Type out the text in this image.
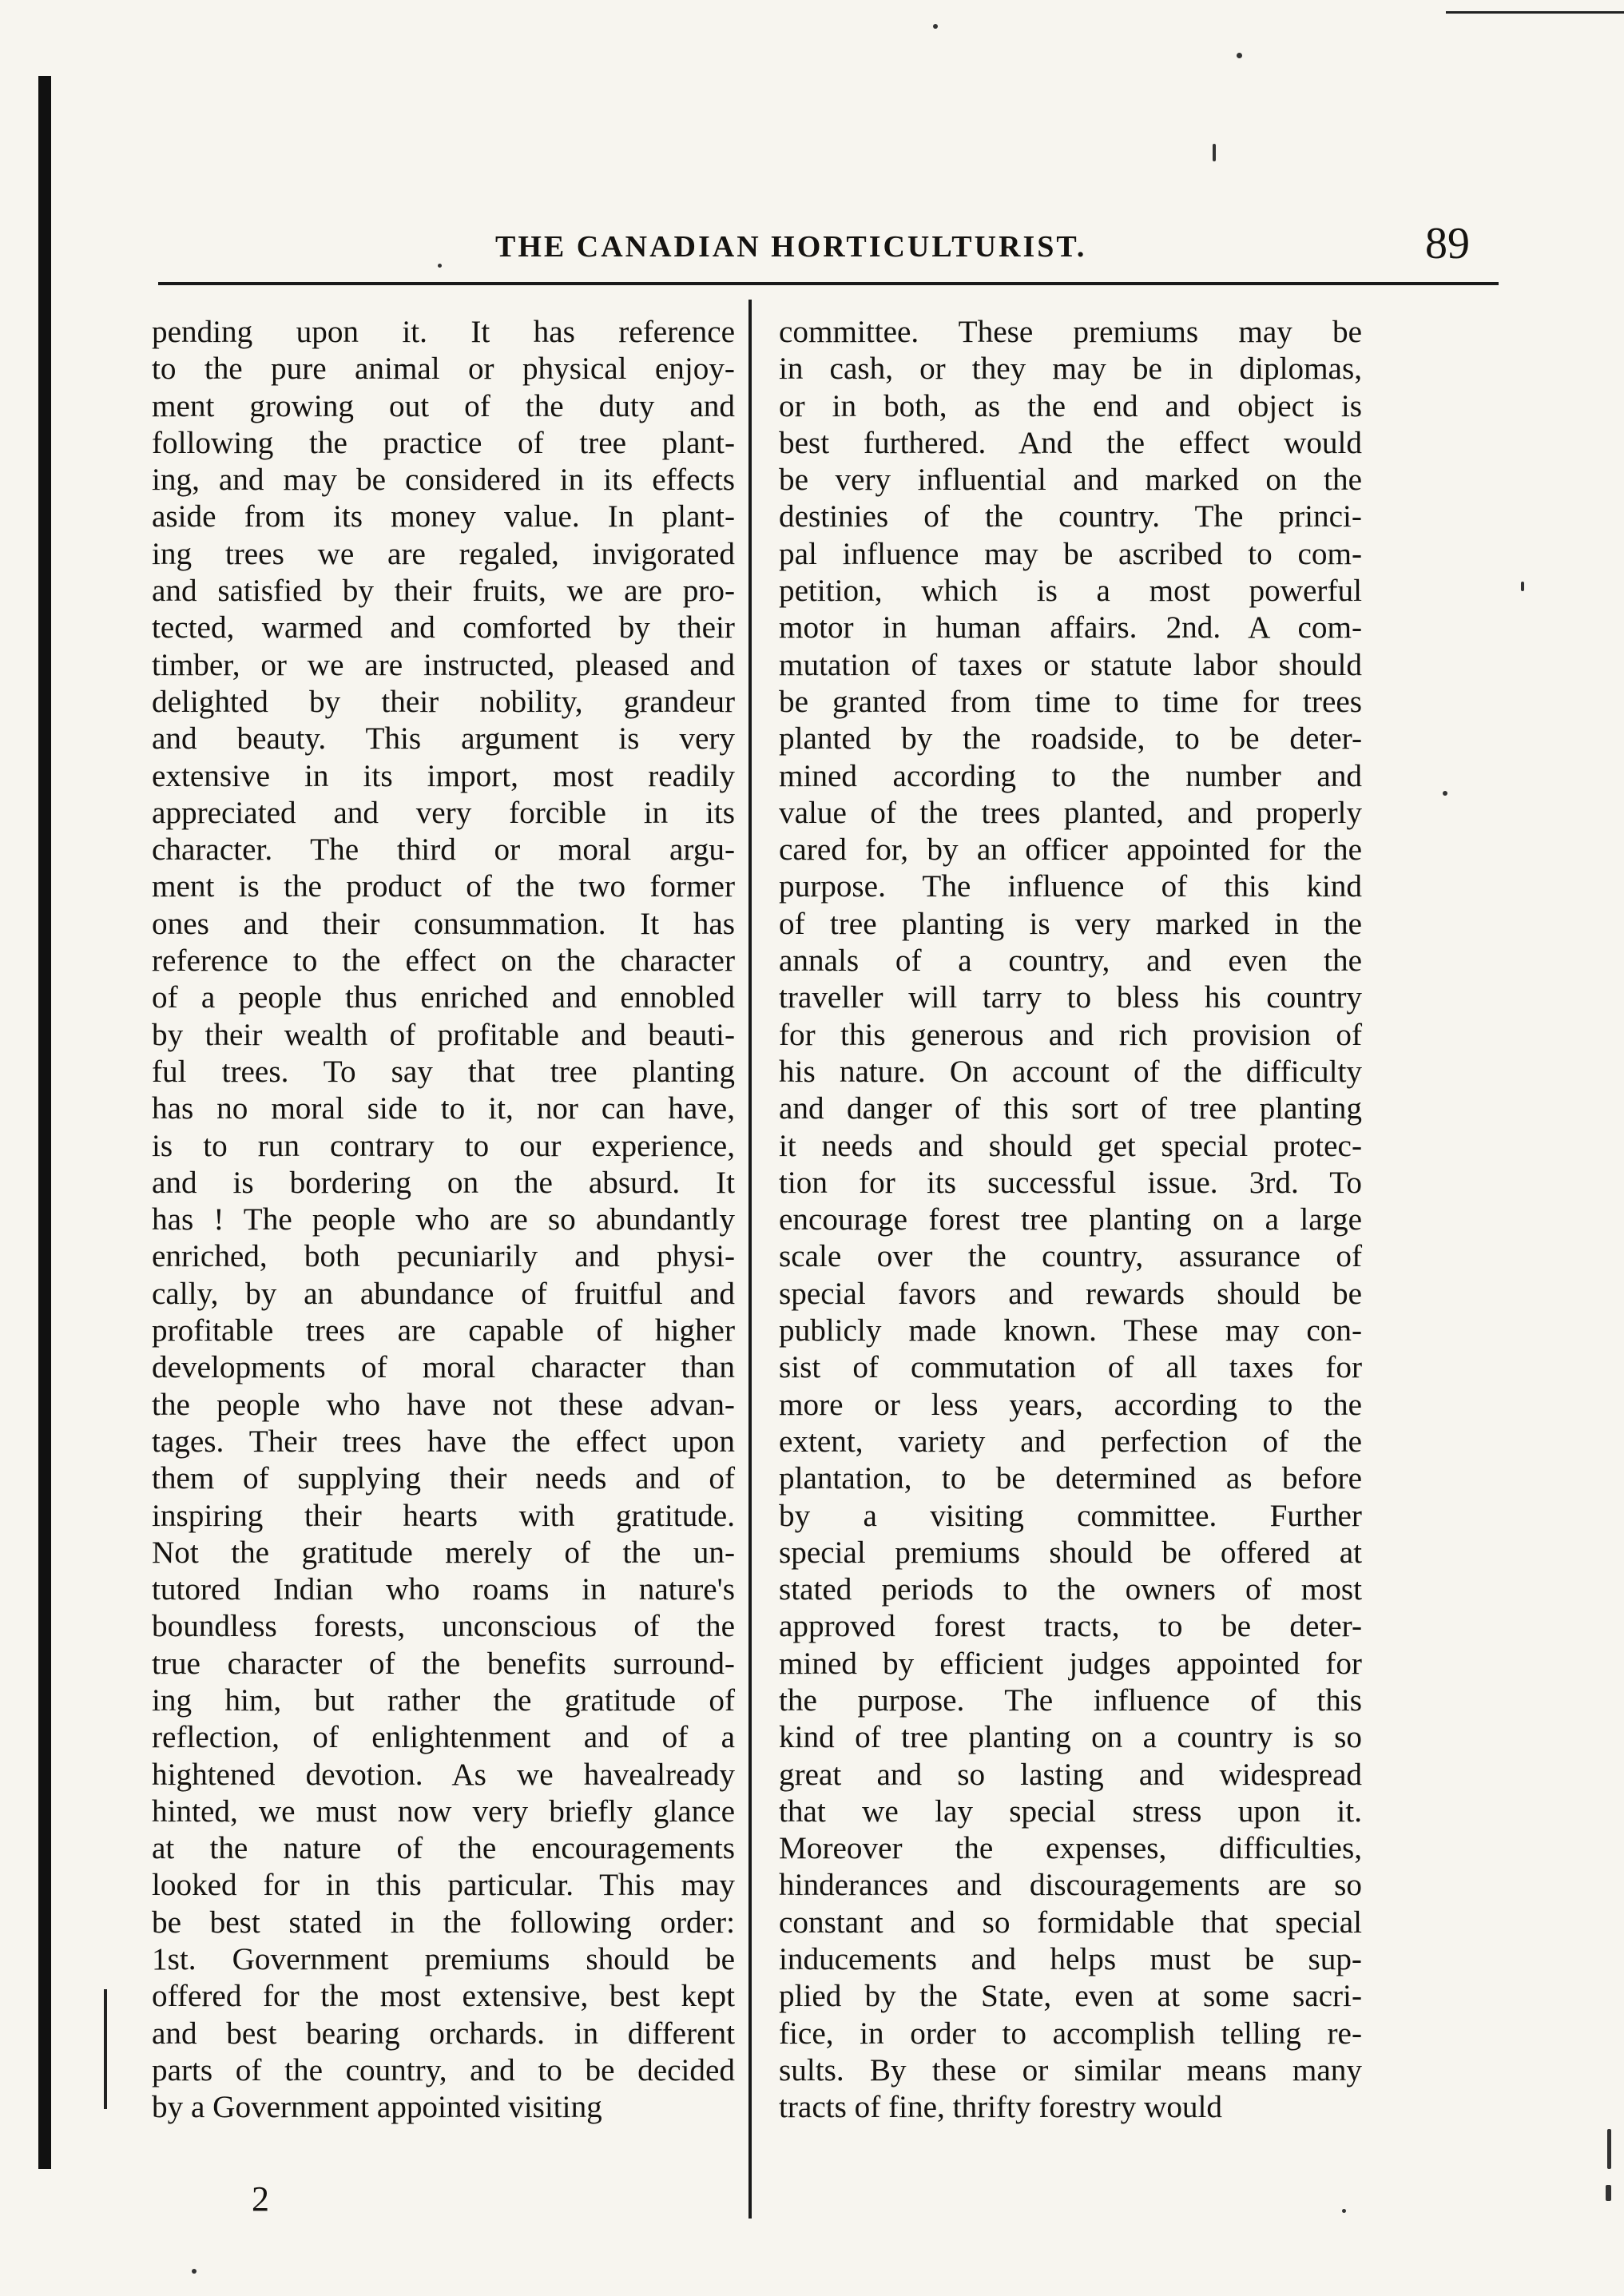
THE CANADIAN HORTICULTURIST.	89
pending upon it. It has reference
to the pure animal or physical enjoy-
ment growing out of the duty and
following the practice of tree plant-
ing, and may be considered in its effects
aside from its money value. In plant-
ing trees we are regaled, invigorated
and satisfied by their fruits, we are pro-
tected, warmed and comforted by their
timber, or we are instructed, pleased and
delighted by their nobility, grandeur
and beauty. This argument is very
extensive in its import, most readily
appreciated and very forcible in its
character. The third or moral argu-
ment is the product of the two former
ones and their consummation. It has
reference to the effect on the character
of a people thus enriched and ennobled
by their wealth of profitable and beauti-
ful trees. To say that tree planting
has no moral side to it, nor can have,
is to run contrary to our experience,
and is bordering on the absurd. It
has ! The people who are so abundantly
enriched, both pecuniarily and physi-
cally, by an abundance of fruitful and
profitable trees are capable of higher
developments of moral character than
the people who have not these advan-
tages. Their trees have the effect upon
them of supplying their needs and of
inspiring their hearts with gratitude.
Not the gratitude merely of the un-
tutored Indian who roams in nature's
boundless forests, unconscious of the
true character of the benefits surround-
ing him, but rather the gratitude of
reflection, of enlightenment and of a
hightened devotion. As we havealready
hinted, we must now very briefly glance
at the nature of the encouragements
looked for in this particular. This may
be best stated in the following order:
1st. Government premiums should be
offered for the most extensive, best kept
and best bearing orchards. in different
parts of the country, and to be decided
by a Government appointed visiting
committee. These premiums may be
in cash, or they may be in diplomas,
or in both, as the end and object is
best furthered. And the effect would
be very influential and marked on the
destinies of the country. The princi-
pal influence may be ascribed to com-
petition, which is a most powerful
motor in human affairs. 2nd. A com-
mutation of taxes or statute labor should
be granted from time to time for trees
planted by the roadside, to be deter-
mined according to the number and
value of the trees planted, and properly
cared for, by an officer appointed for the
purpose. The influence of this kind
of tree planting is very marked in the
annals of a country, and even the
traveller will tarry to bless his country
for this generous and rich provision of
his nature. On account of the difficulty
and danger of this sort of tree planting
it needs and should get special protec-
tion for its successful issue. 3rd. To
encourage forest tree planting on a large
scale over the country, assurance of
special favors and rewards should be
publicly made known. These may con-
sist of commutation of all taxes for
more or less years, according to the
extent, variety and perfection of the
plantation, to be determined as before
by a visiting committee. Further
special premiums should be offered at
stated periods to the owners of most
approved forest tracts, to be deter-
mined by efficient judges appointed for
the purpose. The influence of this
kind of tree planting on a country is so
great and so lasting and widespread
that we lay special stress upon it.
Moreover the expenses, difficulties,
hinderances and discouragements are so
constant and so formidable that special
inducements and helps must be sup-
plied by the State, even at some sacri-
fice, in order to accomplish telling re-
sults. By these or similar means many
tracts of fine, thrifty forestry would
2
